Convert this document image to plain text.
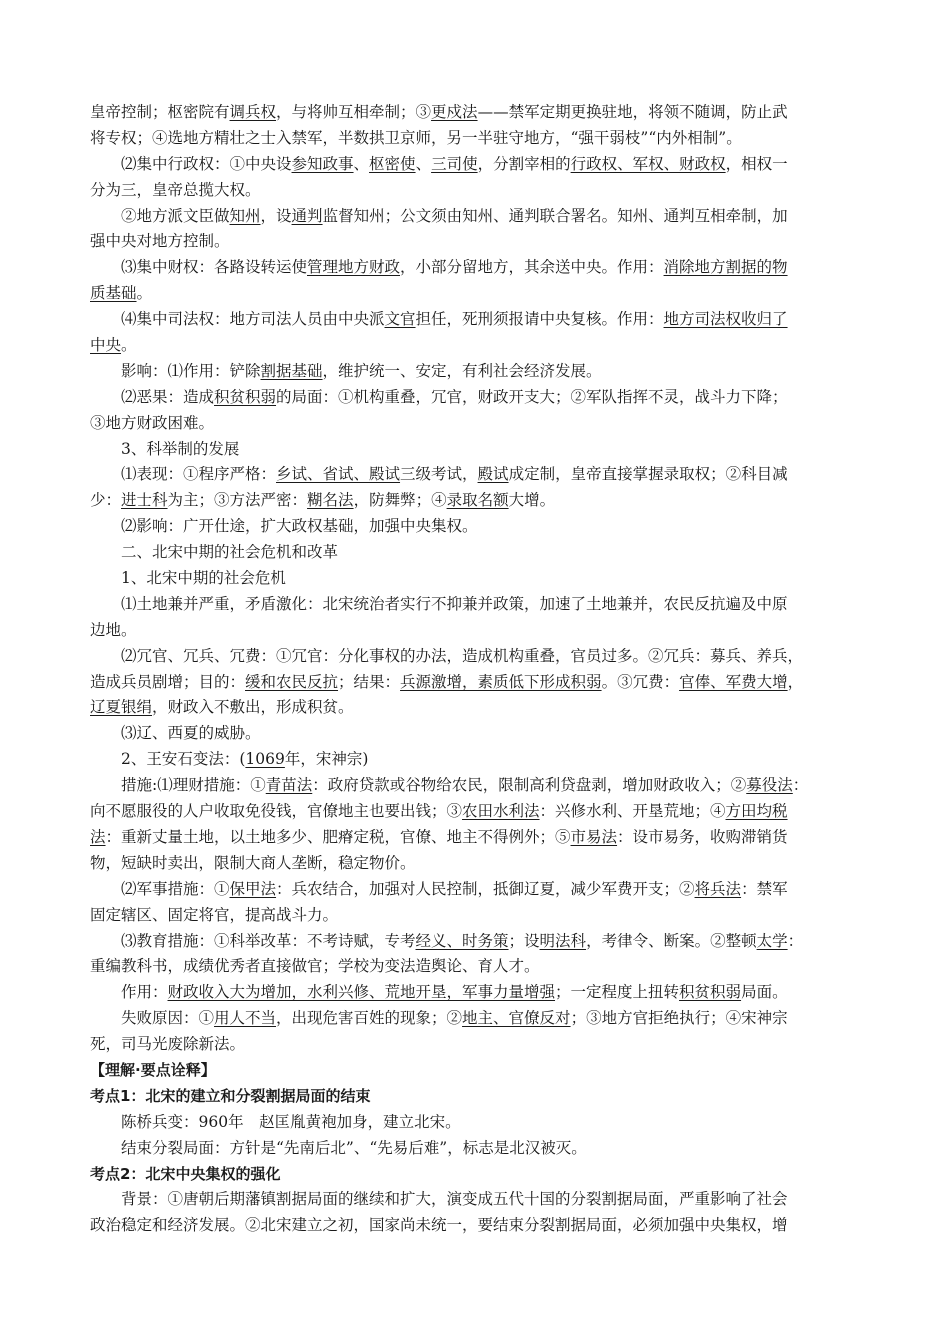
皇帝控制；枢密院有调兵权，与将帅互相牵制；③更戍法——禁军定期更换驻地，将领不随调，防止武
将专权；④选地方精壮之士入禁军，半数拱卫京师，另一半驻守地方，“强干弱枝”“内外相制”。
⑵集中行政权：①中央设参知政事、枢密使、三司使，分割宰相的行政权、军权、财政权，相权一
分为三，皇帝总揽大权。
②地方派文臣做知州，设通判监督知州；公文须由知州、通判联合署名。知州、通判互相牵制，加
强中央对地方控制。
⑶集中财权：各路设转运使管理地方财政，小部分留地方，其余送中央。作用：消除地方割据的物
质基础。
⑷集中司法权：地方司法人员由中央派文官担任，死刑须报请中央复核。作用：地方司法权收归了
中央。
影响：⑴作用：铲除割据基础，维护统一、安定，有利社会经济发展。
⑵恶果：造成积贫积弱的局面：①机构重叠，冗官，财政开支大；②军队指挥不灵，战斗力下降；
③地方财政困难。
3、科举制的发展
⑴表现：①程序严格：乡试、省试、殿试三级考试，殿试成定制，皇帝直接掌握录取权；②科目减
少：进士科为主；③方法严密：糊名法，防舞弊；④录取名额大增。
⑵影响：广开仕途，扩大政权基础，加强中央集权。
二、北宋中期的社会危机和改革
1、北宋中期的社会危机
⑴土地兼并严重，矛盾激化：北宋统治者实行不抑兼并政策，加速了土地兼并，农民反抗遍及中原
边地。
⑵冗官、冗兵、冗费：①冗官：分化事权的办法，造成机构重叠，官员过多。②冗兵：募兵、养兵，
造成兵员剧增；目的：缓和农民反抗；结果：兵源激增，素质低下形成积弱。③冗费：官俸、军费大增，
辽夏银绢，财政入不敷出，形成积贫。
⑶辽、西夏的威胁。
2、王安石变法：(1069年，宋神宗)
措施:⑴理财措施：①青苗法：政府贷款或谷物给农民，限制高利贷盘剥，增加财政收入；②募役法：
向不愿服役的人户收取免役钱，官僚地主也要出钱；③农田水利法：兴修水利、开垦荒地；④方田均税
法：重新丈量土地，以土地多少、肥瘠定税，官僚、地主不得例外；⑤市易法：设市易务，收购滞销货
物，短缺时卖出，限制大商人垄断，稳定物价。
⑵军事措施：①保甲法：兵农结合，加强对人民控制，抵御辽夏，减少军费开支；②将兵法：禁军
固定辖区、固定将官，提高战斗力。
⑶教育措施：①科举改革：不考诗赋，专考经义、时务策；设明法科，考律令、断案。②整顿太学：
重编教科书，成绩优秀者直接做官；学校为变法造舆论、育人才。
作用：财政收入大为增加，水利兴修、荒地开垦，军事力量增强；一定程度上扭转积贫积弱局面。
失败原因：①用人不当，出现危害百姓的现象；②地主、官僚反对；③地方官拒绝执行；④宋神宗
死，司马光废除新法。
【理解·要点诠释】
考点1：北宋的建立和分裂割据局面的结束
陈桥兵变：960年　赵匡胤黄袍加身，建立北宋。
结束分裂局面：方针是“先南后北”、“先易后难”，标志是北汉被灭。
考点2：北宋中央集权的强化
背景：①唐朝后期藩镇割据局面的继续和扩大，演变成五代十国的分裂割据局面，严重影响了社会
政治稳定和经济发展。②北宋建立之初，国家尚未统一，要结束分裂割据局面，必须加强中央集权，增
